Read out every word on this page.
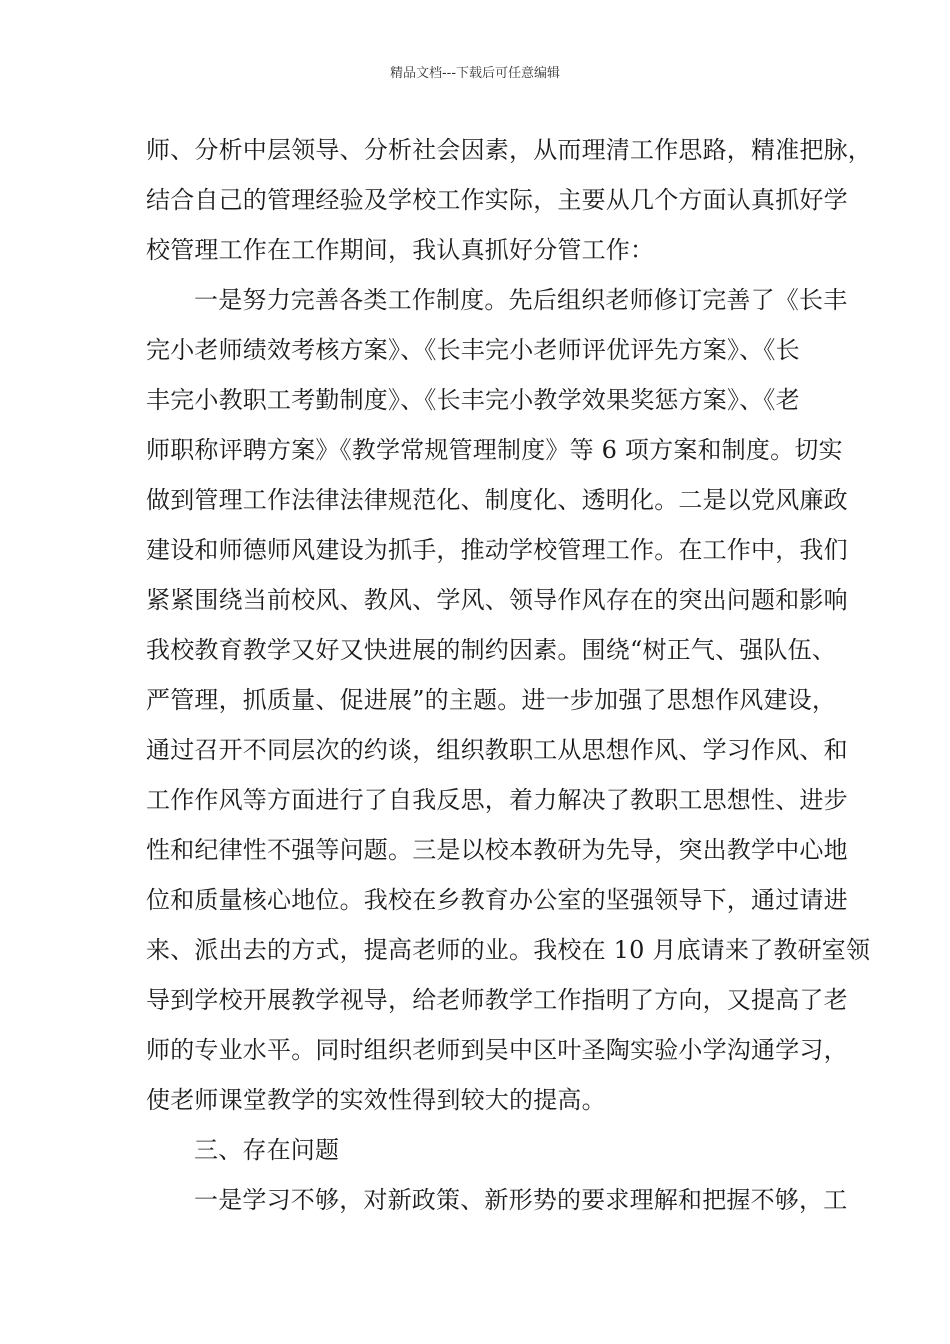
精品文档---下载后可任意编辑
师、分析中层领导、分析社会因素，从而理清工作思路，精准把脉，
结合自己的管理经验及学校工作实际，主要从几个方面认真抓好学
校管理工作在工作期间，我认真抓好分管工作：
一是努力完善各类工作制度。先后组织老师修订完善了《长丰
完小老师绩效考核方案》、《长丰完小老师评优评先方案》、《长
丰完小教职工考勤制度》、《长丰完小教学效果奖惩方案》、《老
师职称评聘方案》《教学常规管理制度》等 6 项方案和制度。切实
做到管理工作法律法律规范化、制度化、透明化。二是以党风廉政
建设和师德师风建设为抓手，推动学校管理工作。在工作中，我们
紧紧围绕当前校风、教风、学风、领导作风存在的突出问题和影响
我校教育教学又好又快进展的制约因素。围绕“树正气、强队伍、
严管理，抓质量、促进展”的主题。进一步加强了思想作风建设，
通过召开不同层次的约谈，组织教职工从思想作风、学习作风、和
工作作风等方面进行了自我反思，着力解决了教职工思想性、进步
性和纪律性不强等问题。三是以校本教研为先导，突出教学中心地
位和质量核心地位。我校在乡教育办公室的坚强领导下，通过请进
来、派出去的方式，提高老师的业。我校在 10 月底请来了教研室领
导到学校开展教学视导，给老师教学工作指明了方向，又提高了老
师的专业水平。同时组织老师到吴中区叶圣陶实验小学沟通学习，
使老师课堂教学的实效性得到较大的提高。
三、存在问题
一是学习不够，对新政策、新形势的要求理解和把握不够，工
